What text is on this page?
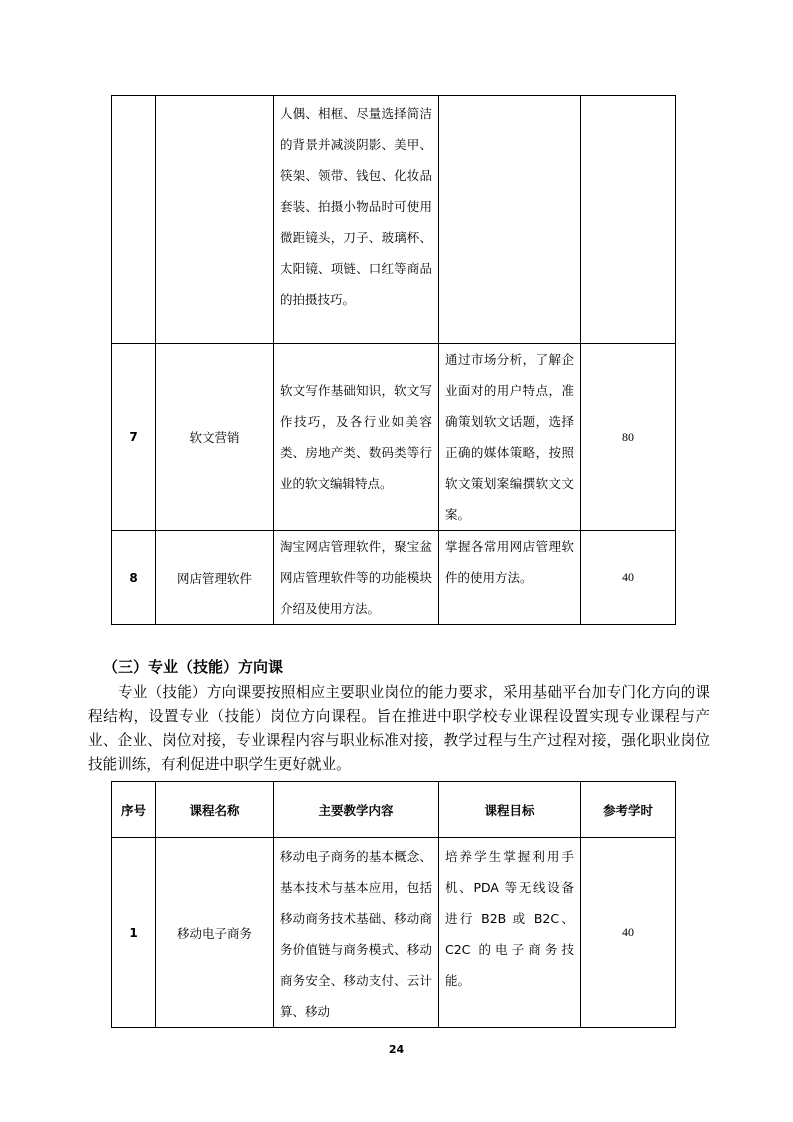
		人偶、相框、尽量选择简洁的背景并减淡阴影、美甲、筷架、领带、钱包、化妆品套装、拍摄小物品时可使用微距镜头，刀子、玻璃杯、太阳镜、项链、口红等商品的拍摄技巧。		
7	软文营销	软文写作基础知识，软文写作技巧，及各行业如美容类、房地产类、数码类等行业的软文编辑特点。	通过市场分析，了解企业面对的用户特点，准确策划软文话题，选择正确的媒体策略，按照软文策划案编撰软文文案。	80
8	网店管理软件	淘宝网店管理软件，聚宝盆网店管理软件等的功能模块介绍及使用方法。	掌握各常用网店管理软件的使用方法。	40
（三）专业（技能）方向课

专业（技能）方向课要按照相应主要职业岗位的能力要求，采用基础平台加专门化方向的课程结构，设置专业（技能）岗位方向课程。旨在推进中职学校专业课程设置实现专业课程与产业、企业、岗位对接，专业课程内容与职业标准对接，教学过程与生产过程对接，强化职业岗位技能训练，有利促进中职学生更好就业。

序号	课程名称	主要教学内容	课程目标	参考学时
1	移动电子商务	移动电子商务的基本概念、基本技术与基本应用，包括移动商务技术基础、移动商务价值链与商务模式、移动商务安全、移动支付、云计算、移动	培养学生掌握利用手机、PDA 等无线设备进行 B2B 或 B2C、C2C 的电子商务技能。	40
24
